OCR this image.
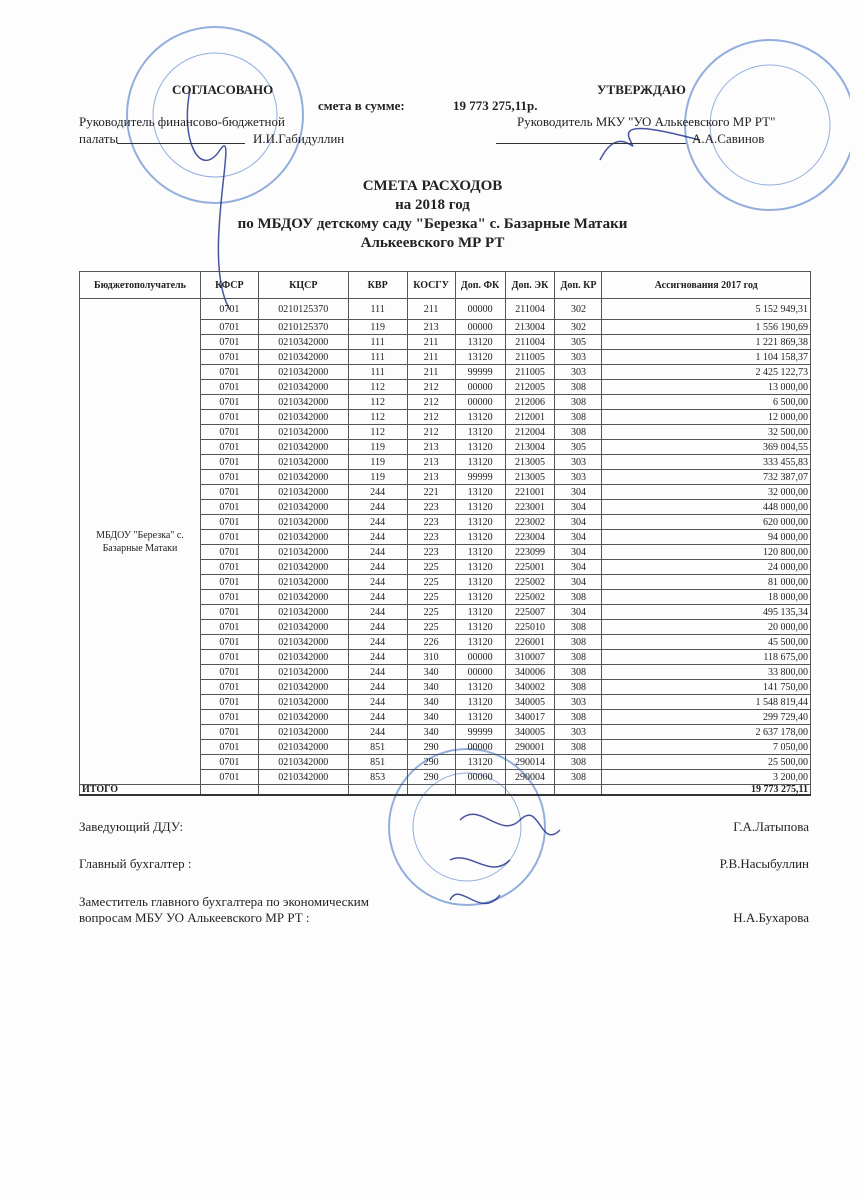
СОГЛАСОВАНО	УТВЕРЖДАЮ
смета в сумме:	19 773 275,11р.
Руководитель финансово-бюджетной
палаты	И.И.Габидуллин
Руководитель МКУ "УО Алькеевского МР РТ"
А.А.Савинов
СМЕТА РАСХОДОВ
на 2018 год
по МБДОУ детскому саду "Березка" с. Базарные Матаки
Алькеевского МР РТ
Бюджетополучатель	КФСР	КЦСР	КВР	КОСГУ	Доп. ФК	Доп. ЭК	Доп. КР	Ассигнования 2017 год
МБДОУ "Березка" с. Базарные Матаки	0701	0210125370	111	211	00000	211004	302	5 152 949,31
	0701	0210125370	119	213	00000	213004	302	1 556 190,69
	0701	0210342000	111	211	13120	211004	305	1 221 869,38
	0701	0210342000	111	211	13120	211005	303	1 104 158,37
	0701	0210342000	111	211	99999	211005	303	2 425 122,73
	0701	0210342000	112	212	00000	212005	308	13 000,00
	0701	0210342000	112	212	00000	212006	308	6 500,00
	0701	0210342000	112	212	13120	212001	308	12 000,00
	0701	0210342000	112	212	13120	212004	308	32 500,00
	0701	0210342000	119	213	13120	213004	305	369 004,55
	0701	0210342000	119	213	13120	213005	303	333 455,83
	0701	0210342000	119	213	99999	213005	303	732 387,07
	0701	0210342000	244	221	13120	221001	304	32 000,00
	0701	0210342000	244	223	13120	223001	304	448 000,00
	0701	0210342000	244	223	13120	223002	304	620 000,00
	0701	0210342000	244	223	13120	223004	304	94 000,00
	0701	0210342000	244	223	13120	223099	304	120 800,00
	0701	0210342000	244	225	13120	225001	304	24 000,00
	0701	0210342000	244	225	13120	225002	304	81 000,00
	0701	0210342000	244	225	13120	225002	308	18 000,00
	0701	0210342000	244	225	13120	225007	304	495 135,34
	0701	0210342000	244	225	13120	225010	308	20 000,00
	0701	0210342000	244	226	13120	226001	308	45 500,00
	0701	0210342000	244	310	00000	310007	308	118 675,00
	0701	0210342000	244	340	00000	340006	308	33 800,00
	0701	0210342000	244	340	13120	340002	308	141 750,00
	0701	0210342000	244	340	13120	340005	303	1 548 819,44
	0701	0210342000	244	340	13120	340017	308	299 729,40
	0701	0210342000	244	340	99999	340005	303	2 637 178,00
	0701	0210342000	851	290	00000	290001	308	7 050,00
	0701	0210342000	851	290	13120	290014	308	25 500,00
	0701	0210342000	853	290	00000	290004	308	3 200,00
ИТОГО								19 773 275,11
Заведующий ДДУ:	Г.А.Латыпова
Главный бухгалтер :	Р.В.Насыбуллин
Заместитель главного бухгалтера по экономическим
вопросам МБУ УО Алькеевского МР РТ :	Н.А.Бухарова
